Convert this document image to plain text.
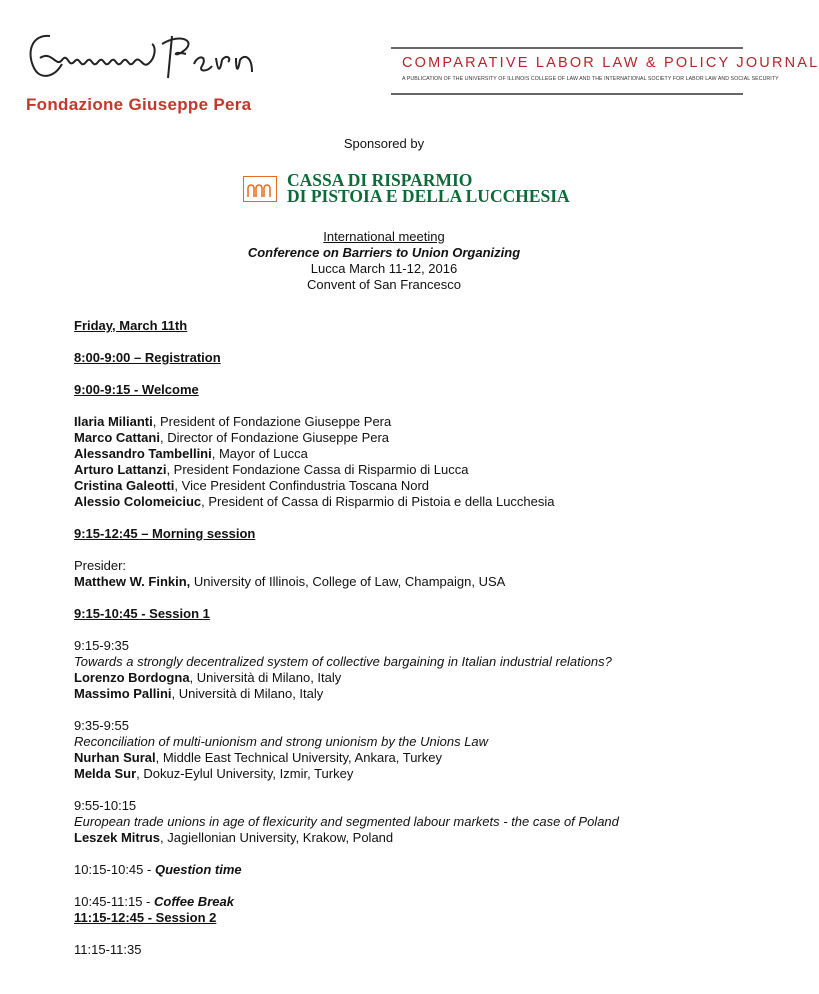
Fondazione Giuseppe Pera
COMPARATIVE LABOR LAW & POLICY JOURNAL
A PUBLICATION OF THE UNIVERSITY OF ILLINOIS COLLEGE OF LAW AND THE INTERNATIONAL SOCIETY FOR LABOR LAW AND SOCIAL SECURITY
Sponsored by
CASSA DI RISPARMIO
DI PISTOIA E DELLA LUCCHESIA
International meeting
Conference on Barriers to Union Organizing
Lucca March 11-12, 2016
Convent of San Francesco

Friday, March 11th

8:00-9:00 – Registration

9:00-9:15 - Welcome

Ilaria Milianti, President of Fondazione Giuseppe Pera
Marco Cattani, Director of Fondazione Giuseppe Pera
Alessandro Tambellini, Mayor of Lucca
Arturo Lattanzi, President Fondazione Cassa di Risparmio di Lucca
Cristina Galeotti, Vice President Confindustria Toscana Nord
Alessio Colomeiciuc, President of Cassa di Risparmio di Pistoia e della Lucchesia

9:15-12:45 – Morning session

Presider:
Matthew W. Finkin, University of Illinois, College of Law, Champaign, USA

9:15-10:45 - Session 1

9:15-9:35
Towards a strongly decentralized system of collective bargaining in Italian industrial relations?
Lorenzo Bordogna, Università di Milano, Italy
Massimo Pallini, Università di Milano, Italy

9:35-9:55
Reconciliation of multi-unionism and strong unionism by the Unions Law
Nurhan Sural, Middle East Technical University, Ankara, Turkey
Melda Sur, Dokuz-Eylul University, Izmir, Turkey

9:55-10:15
European trade unions in age of flexicurity and segmented labour markets - the case of Poland
Leszek Mitrus, Jagiellonian University, Krakow, Poland

10:15-10:45 - Question time

10:45-11:15 - Coffee Break
11:15-12:45 - Session 2

11:15-11:35
